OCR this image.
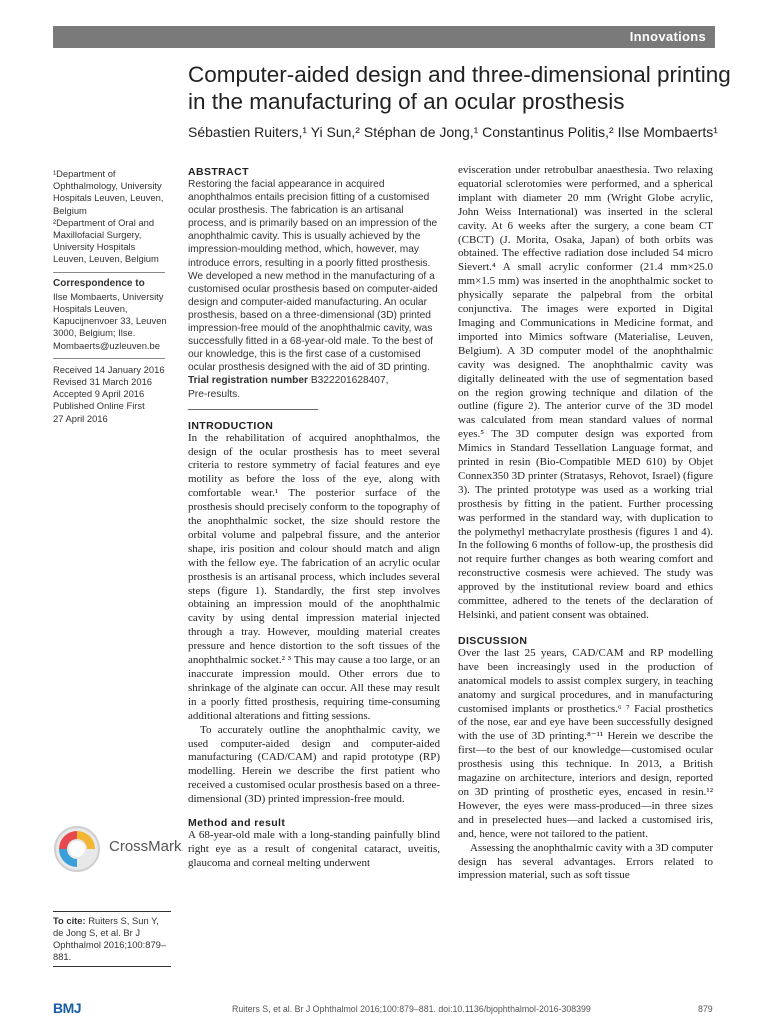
Innovations
Computer-aided design and three-dimensional printing in the manufacturing of an ocular prosthesis
Sébastien Ruiters,¹ Yi Sun,² Stéphan de Jong,¹ Constantinus Politis,² Ilse Mombaerts¹

¹Department of Ophthalmology, University Hospitals Leuven, Leuven, Belgium

²Department of Oral and Maxillofacial Surgery, University Hospitals Leuven, Leuven, Belgium

Correspondence to

Ilse Mombaerts, University Hospitals Leuven, Kapucijnenvoer 33, Leuven 3000, Belgium; Ilse. Mombaerts@uzleuven.be

Received 14 January 2016

Revised 31 March 2016

Accepted 9 April 2016

Published Online First

27 April 2016

CrossMark
To cite: Ruiters S, Sun Y, de Jong S, et al. Br J Ophthalmol 2016;100:879–881.

ABSTRACT

Restoring the facial appearance in acquired anophthalmos entails precision fitting of a customised ocular prosthesis. The fabrication is an artisanal process, and is primarily based on an impression of the anophthalmic cavity. This is usually achieved by the impression-moulding method, which, however, may introduce errors, resulting in a poorly fitted prosthesis. We developed a new method in the manufacturing of a customised ocular prosthesis based on computer-aided design and computer-aided manufacturing. An ocular prosthesis, based on a three-dimensional (3D) printed impression-free mould of the anophthalmic cavity, was successfully fitted in a 68-year-old male. To the best of our knowledge, this is the first case of a customised ocular prosthesis designed with the aid of 3D printing.

Trial registration number B322201628407,

Pre-results.

INTRODUCTION

In the rehabilitation of acquired anophthalmos, the design of the ocular prosthesis has to meet several criteria to restore symmetry of facial features and eye motility as before the loss of the eye, along with comfortable wear.¹ The posterior surface of the prosthesis should precisely conform to the topography of the anophthalmic socket, the size should restore the orbital volume and palpebral fissure, and the anterior shape, iris position and colour should match and align with the fellow eye. The fabrication of an acrylic ocular prosthesis is an artisanal process, which includes several steps (figure 1). Standardly, the first step involves obtaining an impression mould of the anophthalmic cavity by using dental impression material injected through a tray. However, moulding material creates pressure and hence distortion to the soft tissues of the anophthalmic socket.² ³ This may cause a too large, or an inaccurate impression mould. Other errors due to shrinkage of the alginate can occur. All these may result in a poorly fitted prosthesis, requiring time-consuming additional alterations and fitting sessions.

To accurately outline the anophthalmic cavity, we used computer-aided design and computer-aided manufacturing (CAD/CAM) and rapid prototype (RP) modelling. Herein we describe the first patient who received a customised ocular prosthesis based on a three-dimensional (3D) printed impression-free mould.

Method and result

A 68-year-old male with a long-standing painfully blind right eye as a result of congenital cataract, uveitis, glaucoma and corneal melting underwent

evisceration under retrobulbar anaesthesia. Two relaxing equatorial sclerotomies were performed, and a spherical implant with diameter 20 mm (Wright Globe acrylic, John Weiss International) was inserted in the scleral cavity. At 6 weeks after the surgery, a cone beam CT (CBCT) (J. Morita, Osaka, Japan) of both orbits was obtained. The effective radiation dose included 54 micro Sievert.⁴ A small acrylic conformer (21.4 mm×25.0 mm×1.5 mm) was inserted in the anophthalmic socket to physically separate the palpebral from the orbital conjunctiva. The images were exported in Digital Imaging and Communications in Medicine format, and imported into Mimics software (Materialise, Leuven, Belgium). A 3D computer model of the anophthalmic cavity was designed. The anophthalmic cavity was digitally delineated with the use of segmentation based on the region growing technique and dilation of the outline (figure 2). The anterior curve of the 3D model was calculated from mean standard values of normal eyes.⁵ The 3D computer design was exported from Mimics in Standard Tessellation Language format, and printed in resin (Bio-Compatible MED 610) by Objet Connex350 3D printer (Stratasys, Rehovot, Israel) (figure 3). The printed prototype was used as a working trial prosthesis by fitting in the patient. Further processing was performed in the standard way, with duplication to the polymethyl methacrylate prosthesis (figures 1 and 4). In the following 6 months of follow-up, the prosthesis did not require further changes as both wearing comfort and reconstructive cosmesis were achieved. The study was approved by the institutional review board and ethics committee, adhered to the tenets of the declaration of Helsinki, and patient consent was obtained.

DISCUSSION

Over the last 25 years, CAD/CAM and RP modelling have been increasingly used in the production of anatomical models to assist complex surgery, in teaching anatomy and surgical procedures, and in manufacturing customised implants or prosthetics.⁶ ⁷ Facial prosthetics of the nose, ear and eye have been successfully designed with the use of 3D printing.⁸⁻¹¹ Herein we describe the first—to the best of our knowledge—customised ocular prosthesis using this technique. In 2013, a British magazine on architecture, interiors and design, reported on 3D printing of prosthetic eyes, encased in resin.¹² However, the eyes were mass-produced—in three sizes and in preselected hues—and lacked a customised iris, and, hence, were not tailored to the patient.

Assessing the anophthalmic cavity with a 3D computer design has several advantages. Errors related to impression material, such as soft tissue

BMJ	Ruiters S, et al. Br J Ophthalmol 2016;100:879–881. doi:10.1136/bjophthalmol-2016-308399	879
